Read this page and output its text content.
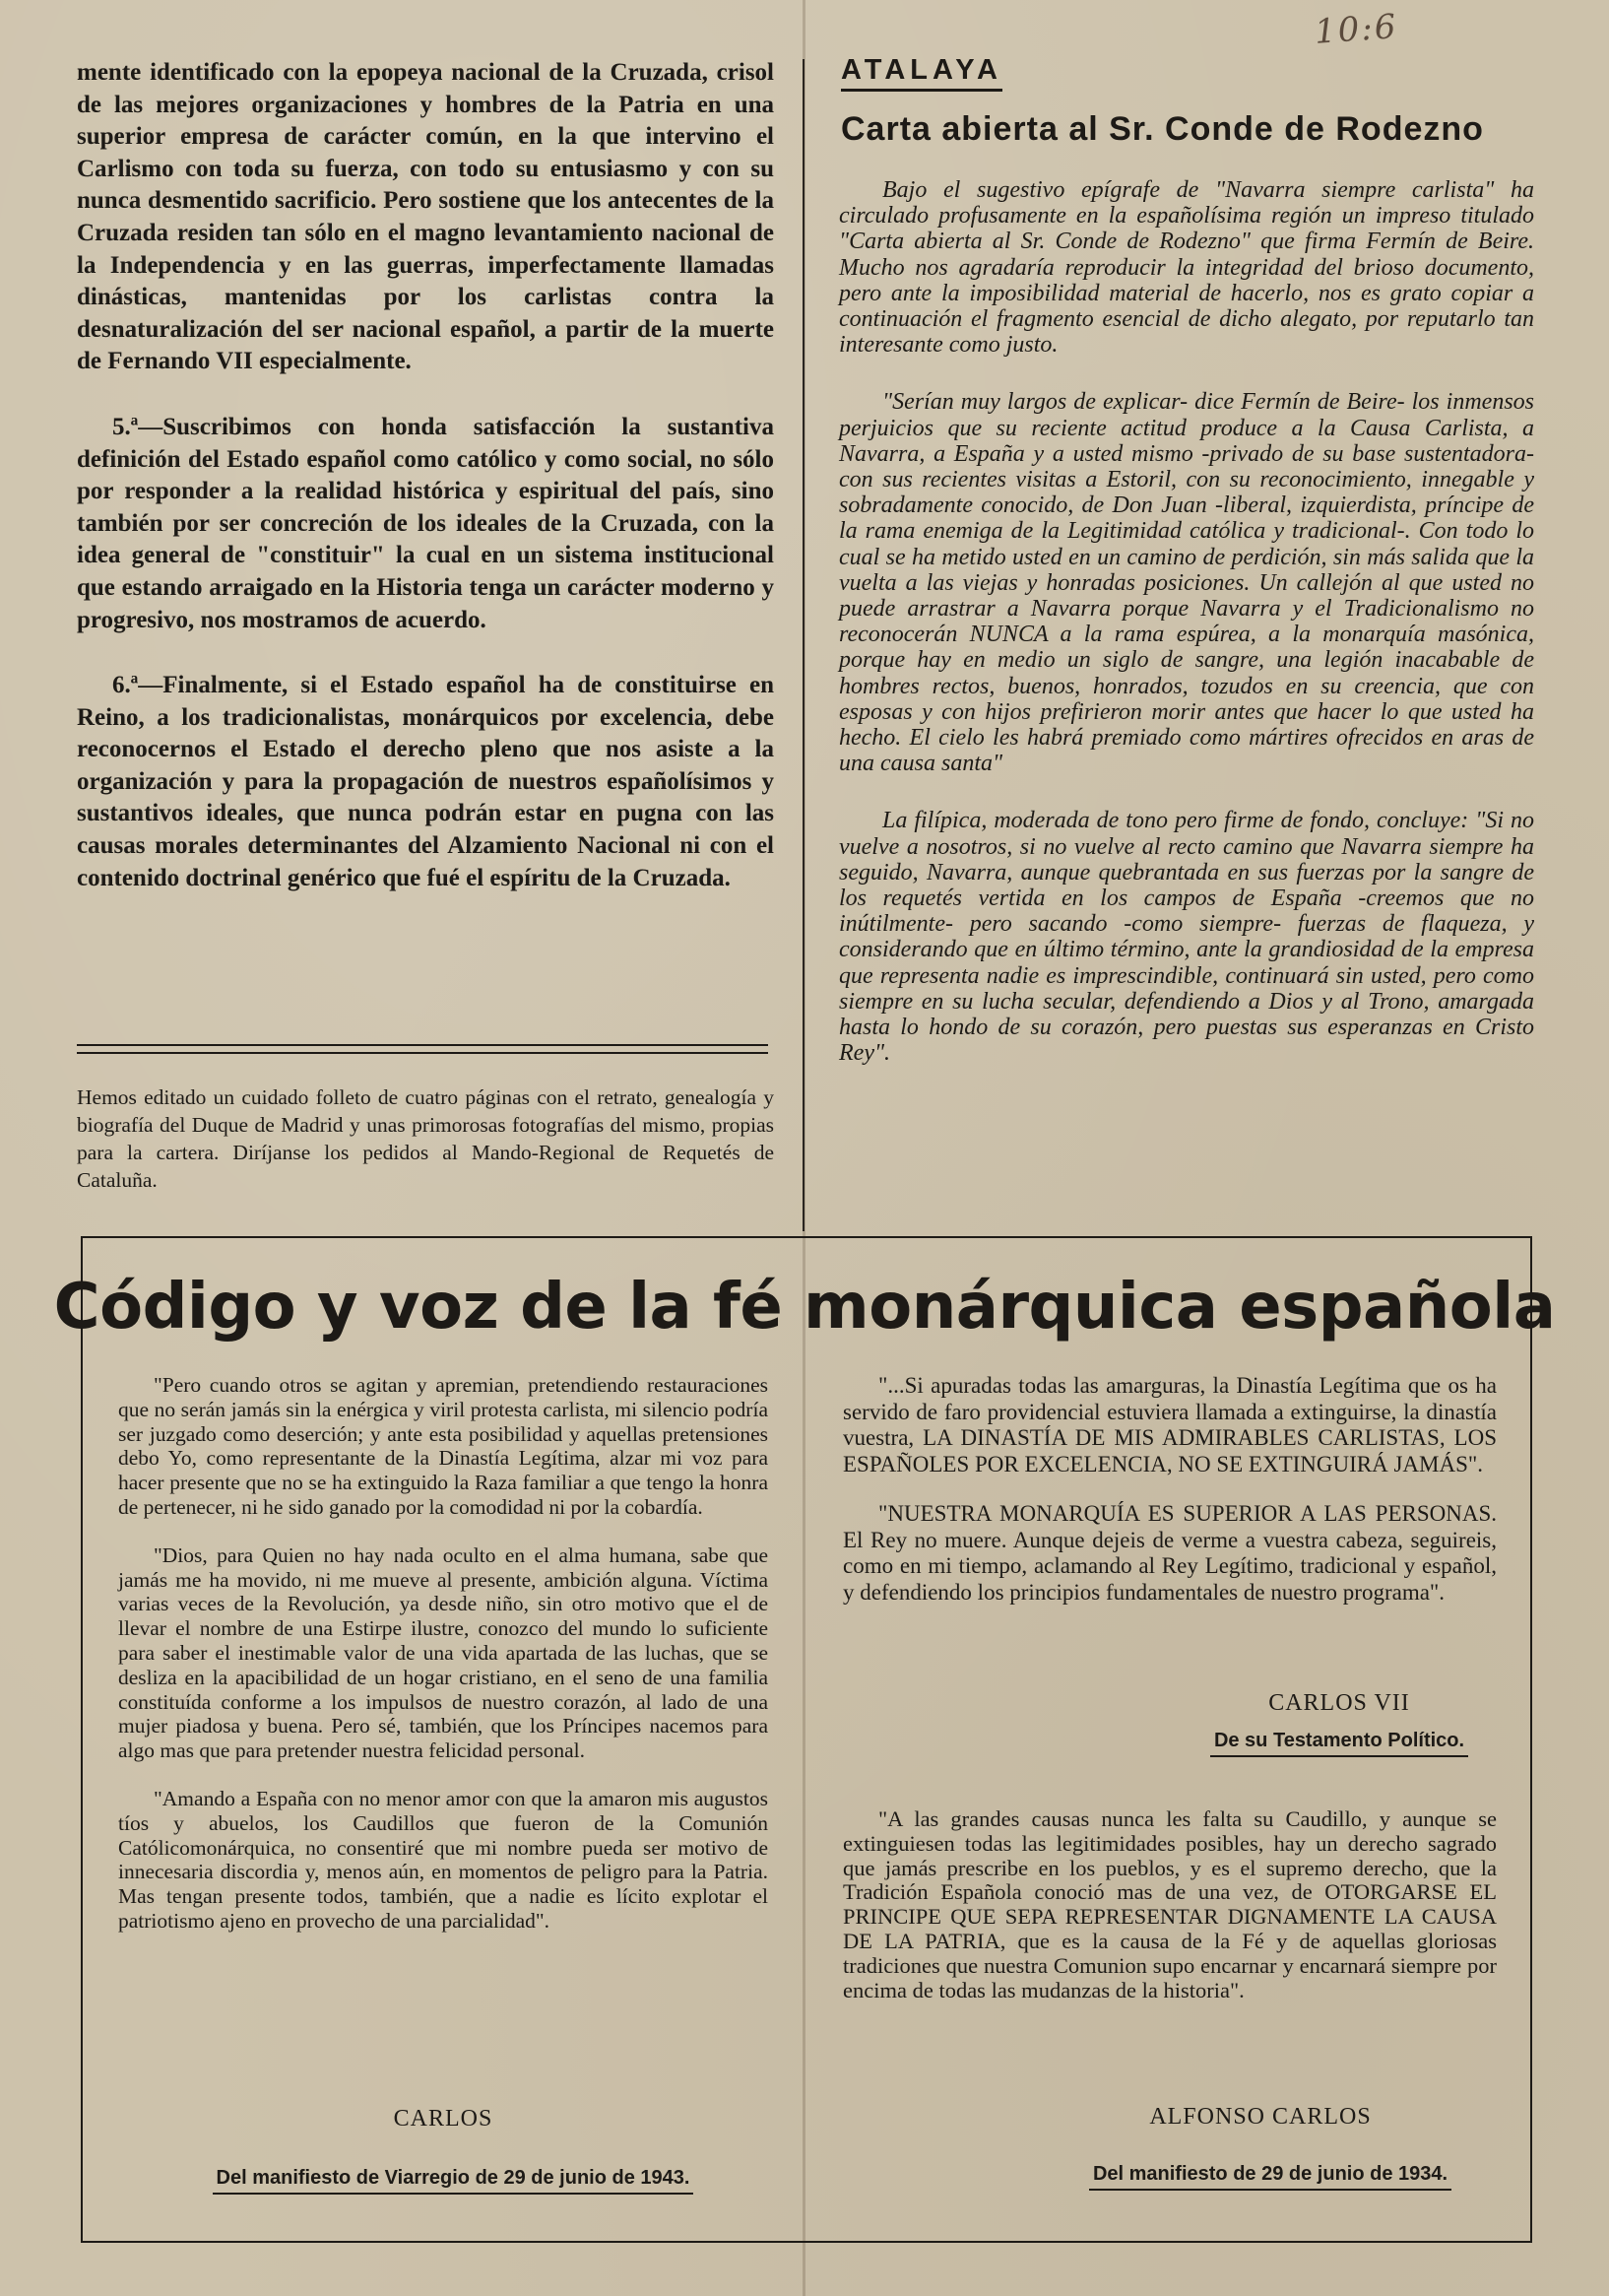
10:6

mente identificado con la epopeya nacional de la Cruzada, crisol de las mejores organizaciones y hombres de la Patria en una superior empresa de carácter común, en la que intervino el Carlismo con toda su fuerza, con todo su entusiasmo y con su nunca desmentido sacrificio. Pero sostiene que los antecentes de la Cruzada residen tan sólo en el magno levantamiento nacional de la Independencia y en las guerras, imperfectamente llamadas dinásticas, mantenidas por los carlistas contra la desnaturalización del ser nacional español, a partir de la muerte de Fernando VII especialmente.

5.ª—Suscribimos con honda satisfacción la sustantiva definición del Estado español como católico y como social, no sólo por responder a la realidad histórica y espiritual del país, sino también por ser concreción de los ideales de la Cruzada, con la idea general de "constituir" la cual en un sistema institucional que estando arraigado en la Historia tenga un carácter moderno y progresivo, nos mostramos de acuerdo.

6.ª—Finalmente, si el Estado español ha de constituirse en Reino, a los tradicionalistas, monárquicos por excelencia, debe reconocernos el Estado el derecho pleno que nos asiste a la organización y para la propagación de nuestros españolísimos y sustantivos ideales, que nunca podrán estar en pugna con las causas morales determinantes del Alzamiento Nacional ni con el contenido doctrinal genérico que fué el espíritu de la Cruzada.

Hemos editado un cuidado folleto de cuatro páginas con el retrato, genealogía y biografía del Duque de Madrid y unas primorosas fotografías del mismo, propias para la cartera. Diríjanse los pedidos al Mando-Regional de Requetés de Cataluña.
ATALAYA
Carta abierta al Sr. Conde de Rodezno

Bajo el sugestivo epígrafe de "Navarra siempre carlista" ha circulado profusamente en la españolísima región un impreso titulado "Carta abierta al Sr. Conde de Rodezno" que firma Fermín de Beire. Mucho nos agradaría reproducir la integridad del brioso documento, pero ante la imposibilidad material de hacerlo, nos es grato copiar a continuación el fragmento esencial de dicho alegato, por reputarlo tan interesante como justo.

"Serían muy largos de explicar- dice Fermín de Beire- los inmensos perjuicios que su reciente actitud produce a la Causa Carlista, a Navarra, a España y a usted mismo -privado de su base sustentadora- con sus recientes visitas a Estoril, con su reconocimiento, innegable y sobradamente conocido, de Don Juan -liberal, izquierdista, príncipe de la rama enemiga de la Legitimidad católica y tradicional-. Con todo lo cual se ha metido usted en un camino de perdición, sin más salida que la vuelta a las viejas y honradas posiciones. Un callejón al que usted no puede arrastrar a Navarra porque Navarra y el Tradicionalismo no reconocerán NUNCA a la rama espúrea, a la monarquía masónica, porque hay en medio un siglo de sangre, una legión inacabable de hombres rectos, buenos, honrados, tozudos en su creencia, que con esposas y con hijos prefirieron morir antes que hacer lo que usted ha hecho. El cielo les habrá premiado como mártires ofrecidos en aras de una causa santa"

La filípica, moderada de tono pero firme de fondo, concluye: "Si no vuelve a nosotros, si no vuelve al recto camino que Navarra siempre ha seguido, Navarra, aunque quebrantada en sus fuerzas por la sangre de los requetés vertida en los campos de España -creemos que no inútilmente- pero sacando -como siempre- fuerzas de flaqueza, y considerando que en último término, ante la grandiosidad de la empresa que representa nadie es imprescindible, continuará sin usted, pero como siempre en su lucha secular, defendiendo a Dios y al Trono, amargada hasta lo hondo de su corazón, pero puestas sus esperanzas en Cristo Rey".

Código y voz de la fé monárquica española

"Pero cuando otros se agitan y apremian, pretendiendo restauraciones que no serán jamás sin la enérgica y viril protesta carlista, mi silencio podría ser juzgado como deserción; y ante esta posibilidad y aquellas pretensiones debo Yo, como representante de la Dinastía Legítima, alzar mi voz para hacer presente que no se ha extinguido la Raza familiar a que tengo la honra de pertenecer, ni he sido ganado por la comodidad ni por la cobardía.

"Dios, para Quien no hay nada oculto en el alma humana, sabe que jamás me ha movido, ni me mueve al presente, ambición alguna. Víctima varias veces de la Revolución, ya desde niño, sin otro motivo que el de llevar el nombre de una Estirpe ilustre, conozco del mundo lo suficiente para saber el inestimable valor de una vida apartada de las luchas, que se desliza en la apacibilidad de un hogar cristiano, en el seno de una familia constituída conforme a los impulsos de nuestro corazón, al lado de una mujer piadosa y buena. Pero sé, también, que los Príncipes nacemos para algo mas que para pretender nuestra felicidad personal.

"Amando a España con no menor amor con que la amaron mis augustos tíos y abuelos, los Caudillos que fueron de la Comunión Católicomonárquica, no consentiré que mi nombre pueda ser motivo de innecesaria discordia y, menos aún, en momentos de peligro para la Patria. Mas tengan presente todos, también, que a nadie es lícito explotar el patriotismo ajeno en provecho de una parcialidad".

CARLOS
Del manifiesto de Viarregio de 29 de junio de 1943.

"...Si apuradas todas las amarguras, la Dinastía Legítima que os ha servido de faro providencial estuviera llamada a extinguirse, la dinastía vuestra, LA DINASTÍA DE MIS ADMIRABLES CARLISTAS, LOS ESPAÑOLES POR EXCELENCIA, NO SE EXTINGUIRÁ JAMÁS".

"NUESTRA MONARQUÍA ES SUPERIOR A LAS PERSONAS. El Rey no muere. Aunque dejeis de verme a vuestra cabeza, seguireis, como en mi tiempo, aclamando al Rey Legítimo, tradicional y español, y defendiendo los principios fundamentales de nuestro programa".

CARLOS VII
De su Testamento Político.

"A las grandes causas nunca les falta su Caudillo, y aunque se extinguiesen todas las legitimidades posibles, hay un derecho sagrado que jamás prescribe en los pueblos, y es el supremo derecho, que la Tradición Española conoció mas de una vez, de OTORGARSE EL PRINCIPE QUE SEPA REPRESENTAR DIGNAMENTE LA CAUSA DE LA PATRIA, que es la causa de la Fé y de aquellas gloriosas tradiciones que nuestra Comunion supo encarnar y encarnará siempre por encima de todas las mudanzas de la historia".

ALFONSO CARLOS
Del manifiesto de 29 de junio de 1934.
